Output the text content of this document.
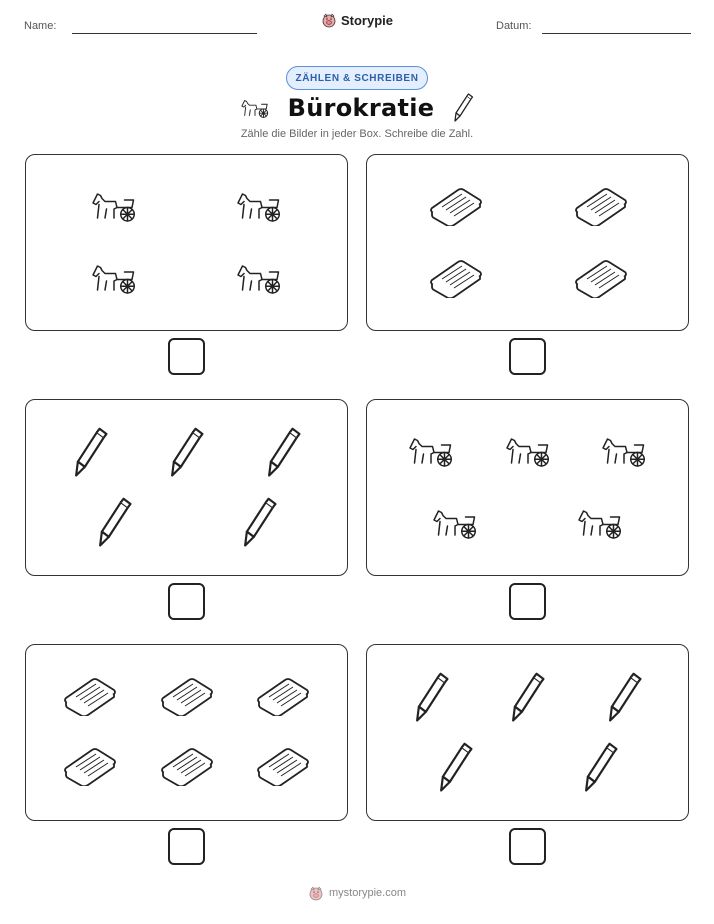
Name:	Storypie	Datum:
ZÄHLEN & SCHREIBEN
Bürokratie
Zähle die Bilder in jeder Box. Schreibe die Zahl.
mystorypie.com
